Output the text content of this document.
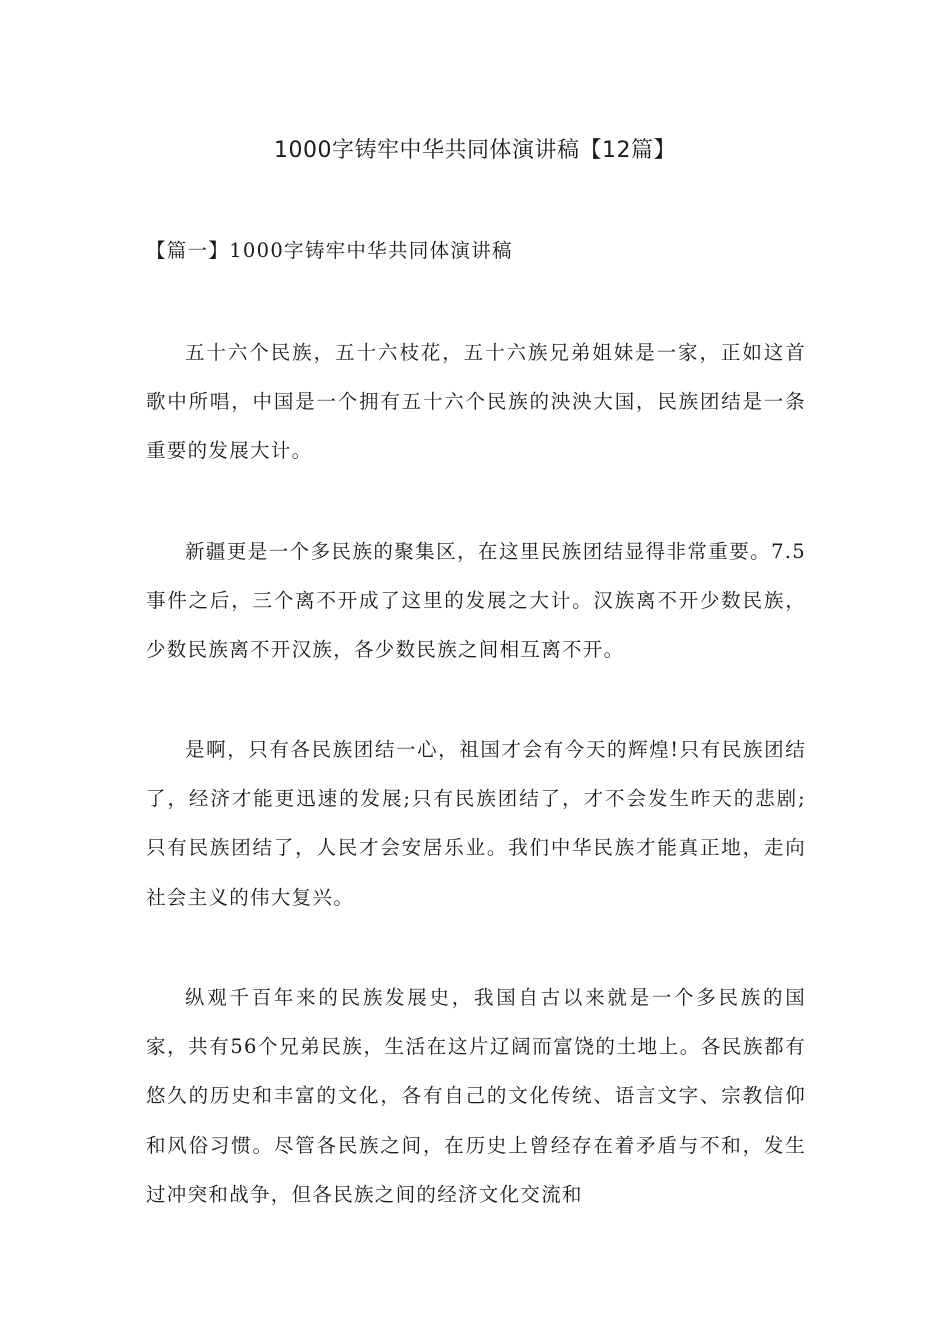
1000字铸牢中华共同体演讲稿【12篇】
【篇一】1000字铸牢中华共同体演讲稿

五十六个民族，五十六枝花，五十六族兄弟姐妹是一家，正如这首歌中所唱，中国是一个拥有五十六个民族的泱泱大国，民族团结是一条重要的发展大计。

新疆更是一个多民族的聚集区，在这里民族团结显得非常重要。7.5事件之后，三个离不开成了这里的发展之大计。汉族离不开少数民族，少数民族离不开汉族，各少数民族之间相互离不开。

是啊，只有各民族团结一心，祖国才会有今天的辉煌!只有民族团结了，经济才能更迅速的发展;只有民族团结了，才不会发生昨天的悲剧;只有民族团结了，人民才会安居乐业。我们中华民族才能真正地，走向社会主义的伟大复兴。

纵观千百年来的民族发展史，我国自古以来就是一个多民族的国家，共有56个兄弟民族，生活在这片辽阔而富饶的土地上。各民族都有悠久的历史和丰富的文化，各有自己的文化传统、语言文字、宗教信仰和风俗习惯。尽管各民族之间，在历史上曾经存在着矛盾与不和，发生过冲突和战争，但各民族之间的经济文化交流和
